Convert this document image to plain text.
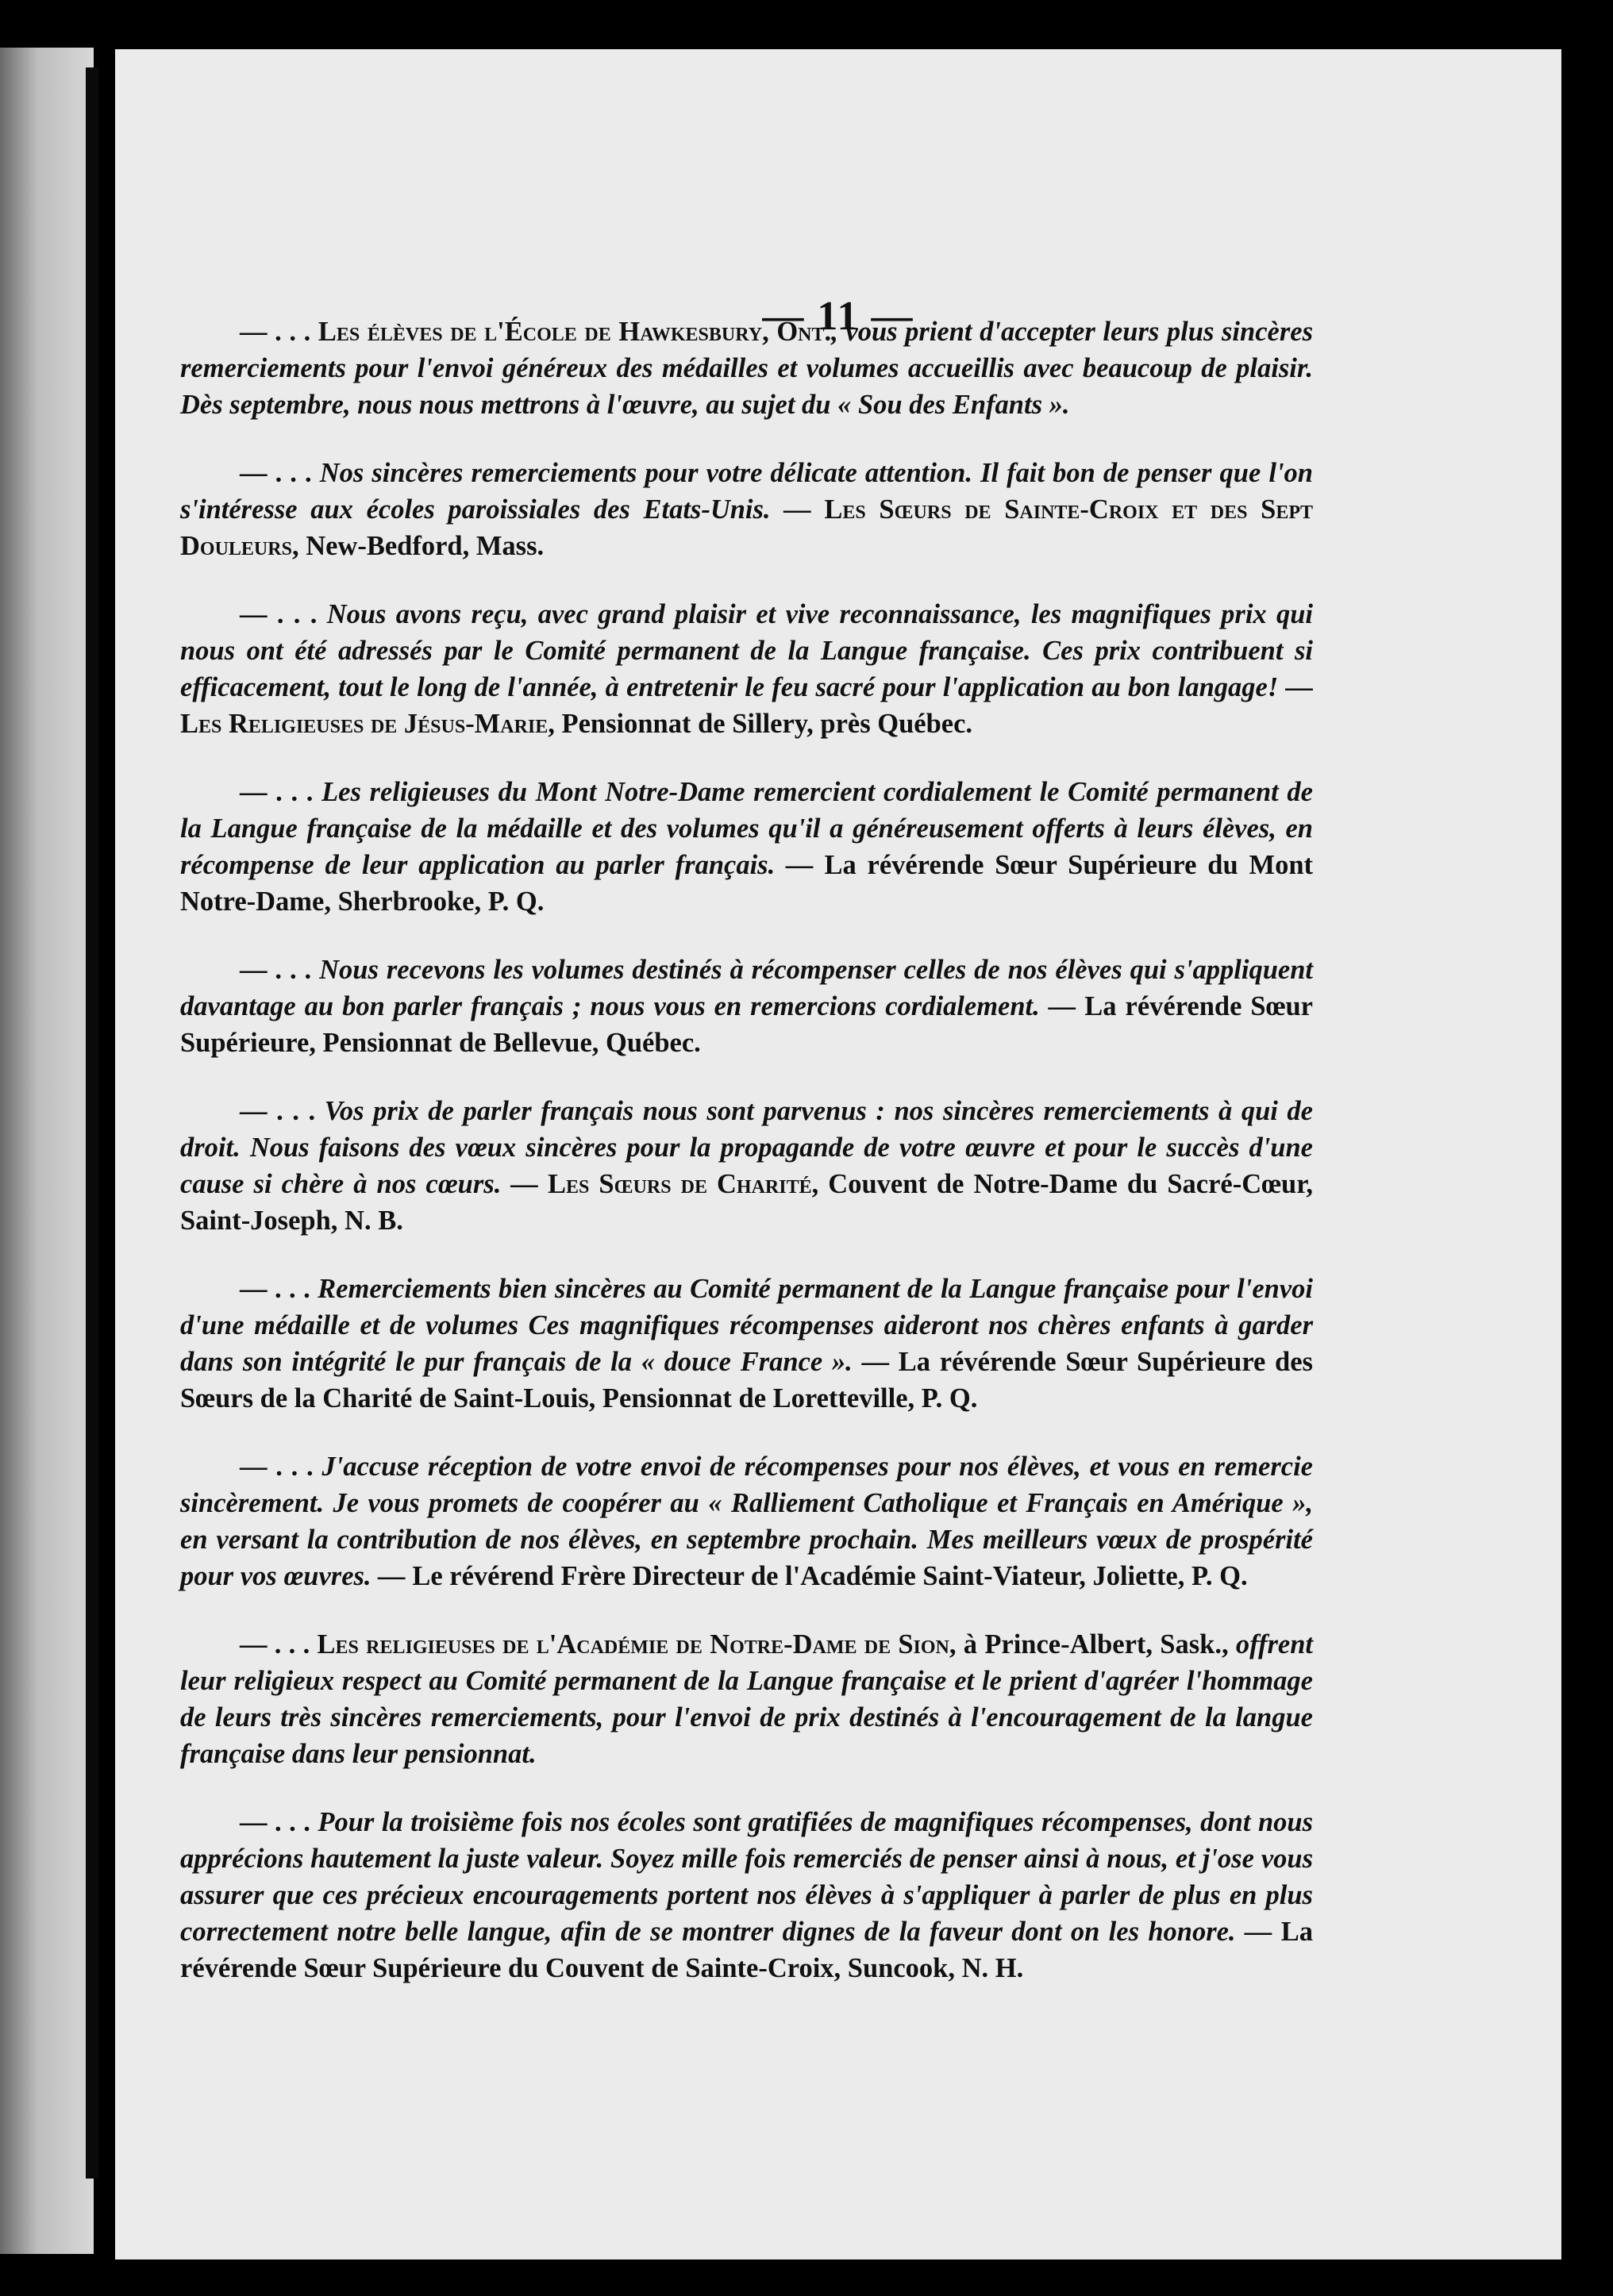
— 11 —

— . . . Les élèves de l'École de Hawkesbury, Ont., vous prient d'accepter leurs plus sincères remerciements pour l'envoi généreux des médailles et volumes accueillis avec beaucoup de plaisir. Dès septembre, nous nous mettrons à l'œuvre, au sujet du « Sou des Enfants ».

— . . . Nos sincères remerciements pour votre délicate attention. Il fait bon de penser que l'on s'intéresse aux écoles paroissiales des Etats-Unis. — Les Sœurs de Sainte-Croix et des Sept Douleurs, New-Bedford, Mass.

— . . . Nous avons reçu, avec grand plaisir et vive reconnaissance, les magnifiques prix qui nous ont été adressés par le Comité permanent de la Langue française. Ces prix contribuent si efficacement, tout le long de l'année, à entretenir le feu sacré pour l'application au bon langage! — Les Religieuses de Jésus-Marie, Pensionnat de Sillery, près Québec.

— . . . Les religieuses du Mont Notre-Dame remercient cordialement le Comité permanent de la Langue française de la médaille et des volumes qu'il a généreusement offerts à leurs élèves, en récompense de leur application au parler français. — La révérende Sœur Supérieure du Mont Notre-Dame, Sherbrooke, P. Q.

— . . . Nous recevons les volumes destinés à récompenser celles de nos élèves qui s'appliquent davantage au bon parler français ; nous vous en remercions cordialement. — La révérende Sœur Supérieure, Pensionnat de Bellevue, Québec.

— . . . Vos prix de parler français nous sont parvenus : nos sincères remerciements à qui de droit. Nous faisons des vœux sincères pour la propagande de votre œuvre et pour le succès d'une cause si chère à nos cœurs. — Les Sœurs de Charité, Couvent de Notre-Dame du Sacré-Cœur, Saint-Joseph, N. B.

— . . . Remerciements bien sincères au Comité permanent de la Langue française pour l'envoi d'une médaille et de volumes Ces magnifiques récompenses aideront nos chères enfants à garder dans son intégrité le pur français de la « douce France ». — La révérende Sœur Supérieure des Sœurs de la Charité de Saint-Louis, Pensionnat de Loretteville, P. Q.

— . . . J'accuse réception de votre envoi de récompenses pour nos élèves, et vous en remercie sincèrement. Je vous promets de coopérer au « Ralliement Catholique et Français en Amérique », en versant la contribution de nos élèves, en septembre prochain. Mes meilleurs vœux de prospérité pour vos œuvres. — Le révérend Frère Directeur de l'Académie Saint-Viateur, Joliette, P. Q.

— . . . Les religieuses de l'Académie de Notre-Dame de Sion, à Prince-Albert, Sask., offrent leur religieux respect au Comité permanent de la Langue française et le prient d'agréer l'hommage de leurs très sincères remerciements, pour l'envoi de prix destinés à l'encouragement de la langue française dans leur pensionnat.

— . . . Pour la troisième fois nos écoles sont gratifiées de magnifiques récompenses, dont nous apprécions hautement la juste valeur. Soyez mille fois remerciés de penser ainsi à nous, et j'ose vous assurer que ces précieux encouragements portent nos élèves à s'appliquer à parler de plus en plus correctement notre belle langue, afin de se montrer dignes de la faveur dont on les honore. — La révérende Sœur Supérieure du Couvent de Sainte-Croix, Suncook, N. H.
